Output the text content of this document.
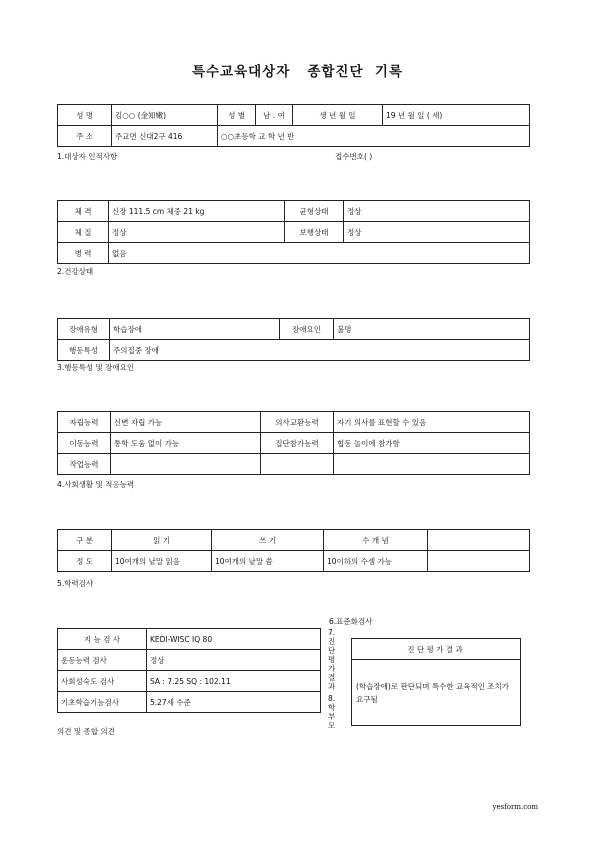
특수교육대상자   종합진단  기록
성 명	김○○ (金知嫩)	성 별	남 . 여	생 년 월 일	19 년 월 일 ( 세)
주 소	주교면 신대2구 416	○○초등학 교 학 년 반			
1.대상자 인적사항	접수번호( )
체 격	신장 111.5 cm 체중 21 kg	균형상태	정상
체 질	정상	보행상태	정상
병 력	없음		
2.건강상태
장애유형	학습장애	장애요인	불명
행동특성	주의집중 장애		
3.행동특성 및 장애요인
자립능력	신변 자립 가능	의사교환능력	자기 의사를 표현할 수 있음
이동능력	통학 도움 없이 가능	집단참가능력	협동 놀이에 참가함
작업능력			
4.사회생활 및 적응능력
구 분	읽 기	쓰 기	수 개 념	
정 도	10여개의 낱말 읽음	10여개의 낱말 씀	10이하의 수셈 가능	
5.학력검사
6.표준화검사
지 능 검 사	KEDI-WISC IQ 80
운동능력 검사	정상
사회성숙도 검사	SA : 7.25 SQ : 102.11
기초학습기능검사	5.27세 수준
7.진단평가결과
8.학부모
진 단 평 가 결 과
(학습장애)로 판단되며 특수한 교육적인 조치가 요구됨
의견 및 종합 의견
yesform.com
